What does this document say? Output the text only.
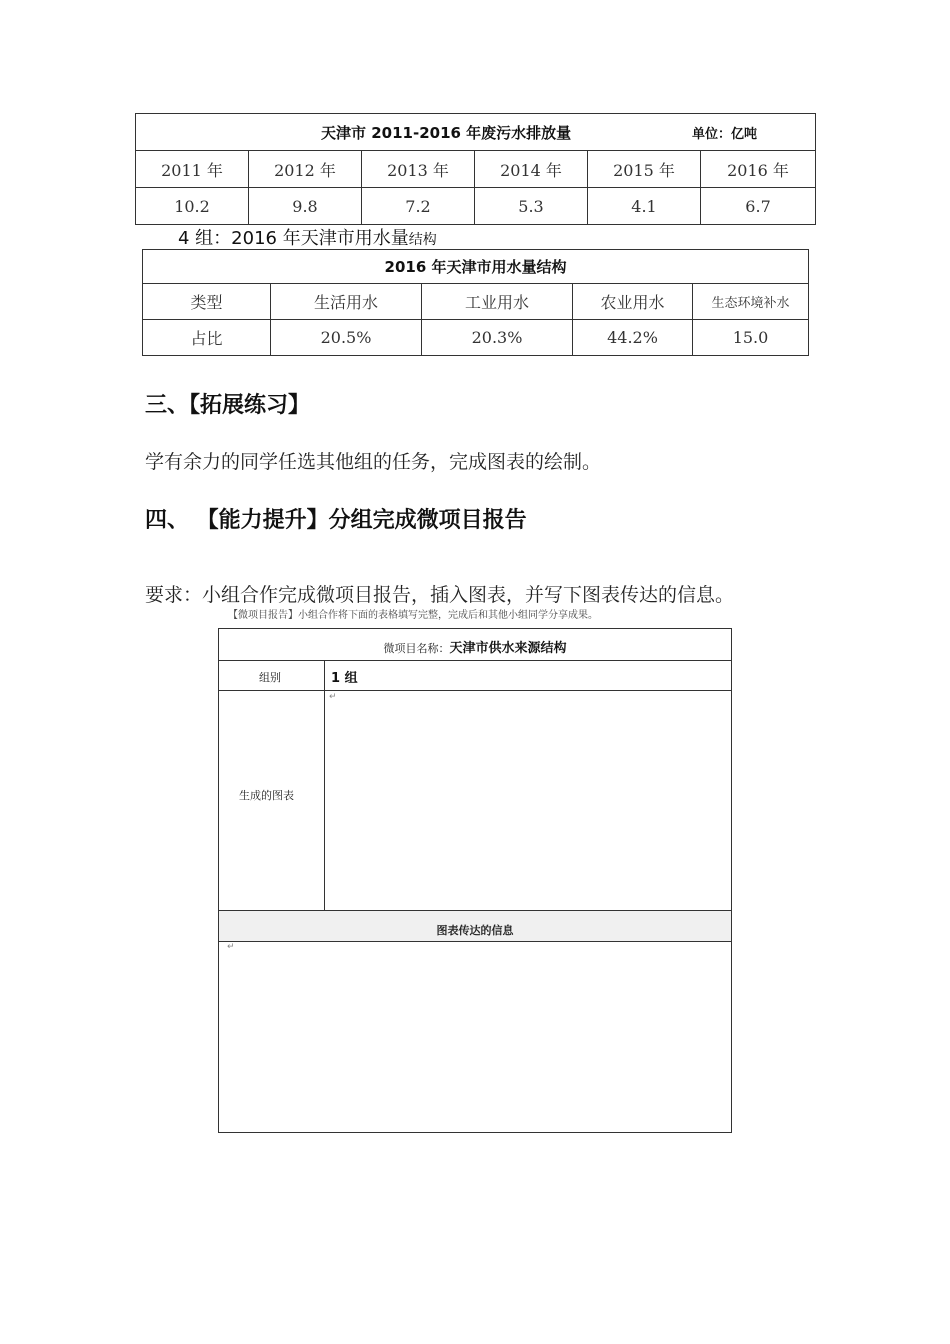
天津市 2011-2016 年废污水排放量 单位：亿吨					

2011 年	2012 年	2013 年	2014 年	2015 年	2016 年
10.2	9.8	7.2	5.3	4.1	6.7
4 组：2016 年天津市用水量结构
2016 年天津市用水量结构				
类型	生活用水	工业用水	农业用水	生态环境补水
占比	20.5%	20.3%	44.2%	15.0
三、【拓展练习】
学有余力的同学任选其他组的任务，完成图表的绘制。
四、 【能力提升】分组完成微项目报告
要求：小组合作完成微项目报告，插入图表，并写下图表传达的信息。
【微项目报告】小组合作将下面的表格填写完整，完成后和其他小组同学分享成果。
微项目名称：天津市供水来源结构
组别	1 组
生成的图表
图表传达的信息
↵
↵
